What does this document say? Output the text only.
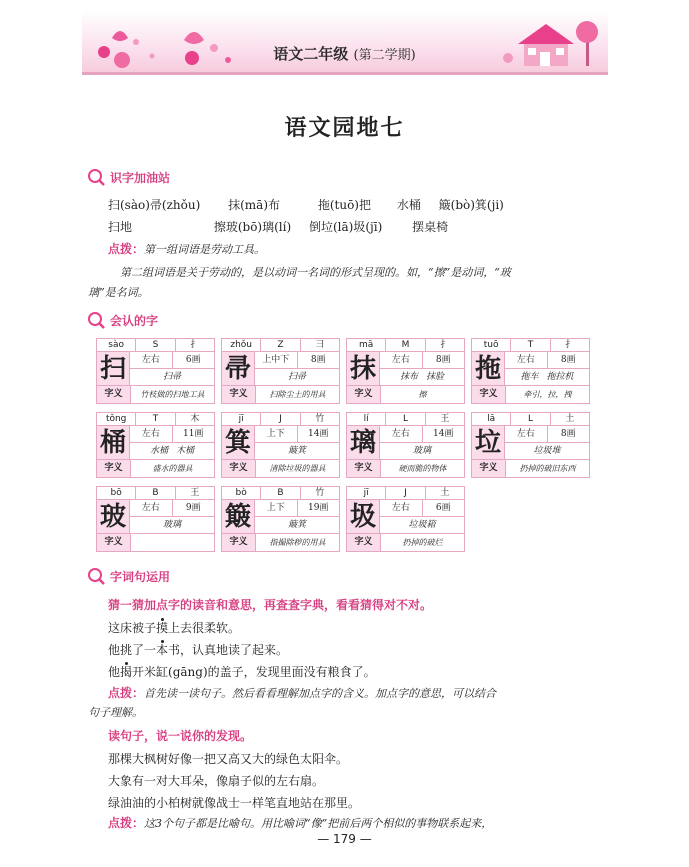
语文二年级 (第二学期)
语文园地七
识字加油站
扫(sào)帚(zhǒu) 抹(mā)布	拖(tuō)把 水桶 簸(bò)箕(ji)
扫地	擦玻(bō)璃(lí) 倒垃(lā)圾(jī) 摆桌椅
点拨：第一组词语是劳动工具。
第二组词语是关于劳动的，是以动词一名词的形式呈现的。如，“擦”是动词，“玻
璃”是名词。
会认的字
sào	S	扌
扫	左右	6画
扫帚
字义	竹枝做的扫地工具
zhǒu	Z	彐
帚	上中下	8画
扫帚
字义	扫除尘土的用具
mā	M	扌
抹	左右	8画
抹布 抹脸
字义	擦
tuō	T	扌
拖	左右	8画
拖车 拖拉机
字义	牵引，拉，拽
tǒng	T	木
桶	左右	11画
水桶 木桶
字义	盛水的器具
jī	J	竹
箕	上下	14画
簸箕
字义	清除垃圾的器具
lí	L	王
璃	左右	14画
玻璃
字义	硬而脆的物体
lā	L	土
垃	左右	8画
垃圾堆
字义	扔掉的破旧东西
bō	B	王
玻	左右	9画
玻璃
字义
bò	B	竹
簸	上下	19画
簸箕
字义	指撮除秽的用具
jī	J	土
圾	左右	6画
垃圾箱
字义	扔掉的破烂
字词句运用
猜一猜加点字的读音和意思，再查查字典，看看猜得对不对。
这床被子摸上去很柔软。
他挑了一本书，认真地读了起来。
他揭开米缸(gāng)的盖子，发现里面没有粮食了。
点拨：首先读一读句子。然后看看理解加点字的含义。加点字的意思，可以结合
句子理解。
读句子，说一说你的发现。
那棵大枫树好像一把又高又大的绿色太阳伞。
大象有一对大耳朵，像扇子似的左右扇。
绿油油的小柏树就像战士一样笔直地站在那里。
点拨：这3个句子都是比喻句。用比喻词“像”把前后两个相似的事物联系起来，
— 179 —
